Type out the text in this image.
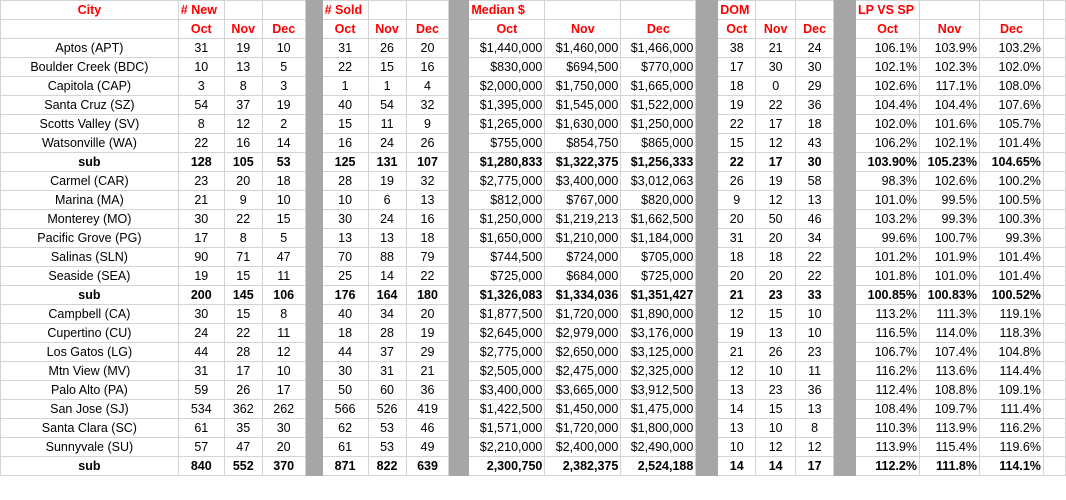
City	# New				# Sold				Median $				DOM				LP VS SP			
	Oct	Nov	Dec		Oct	Nov	Dec		Oct	Nov	Dec		Oct	Nov	Dec		Oct	Nov	Dec	
Aptos (APT)	31	19	10		31	26	20		$1,440,000	$1,460,000	$1,466,000		38	21	24		106.1%	103.9%	103.2%	
Boulder Creek (BDC)	10	13	5		22	15	16		$830,000	$694,500	$770,000		17	30	30		102.1%	102.3%	102.0%	
Capitola (CAP)	3	8	3		1	1	4		$2,000,000	$1,750,000	$1,665,000		18	0	29		102.6%	117.1%	108.0%	
Santa Cruz (SZ)	54	37	19		40	54	32		$1,395,000	$1,545,000	$1,522,000		19	22	36		104.4%	104.4%	107.6%	
Scotts Valley (SV)	8	12	2		15	11	9		$1,265,000	$1,630,000	$1,250,000		22	17	18		102.0%	101.6%	105.7%	
Watsonville (WA)	22	16	14		16	24	26		$755,000	$854,750	$865,000		15	12	43		106.2%	102.1%	101.4%	
sub	128	105	53		125	131	107		$1,280,833	$1,322,375	$1,256,333		22	17	30		103.90%	105.23%	104.65%	
Carmel (CAR)	23	20	18		28	19	32		$2,775,000	$3,400,000	$3,012,063		26	19	58		98.3%	102.6%	100.2%	
Marina (MA)	21	9	10		10	6	13		$812,000	$767,000	$820,000		9	12	13		101.0%	99.5%	100.5%	
Monterey (MO)	30	22	15		30	24	16		$1,250,000	$1,219,213	$1,662,500		20	50	46		103.2%	99.3%	100.3%	
Pacific Grove (PG)	17	8	5		13	13	18		$1,650,000	$1,210,000	$1,184,000		31	20	34		99.6%	100.7%	99.3%	
Salinas (SLN)	90	71	47		70	88	79		$744,500	$724,000	$705,000		18	18	22		101.2%	101.9%	101.4%	
Seaside (SEA)	19	15	11		25	14	22		$725,000	$684,000	$725,000		20	20	22		101.8%	101.0%	101.4%	
sub	200	145	106		176	164	180		$1,326,083	$1,334,036	$1,351,427		21	23	33		100.85%	100.83%	100.52%	
Campbell (CA)	30	15	8		40	34	20		$1,877,500	$1,720,000	$1,890,000		12	15	10		113.2%	111.3%	119.1%	
Cupertino (CU)	24	22	11		18	28	19		$2,645,000	$2,979,000	$3,176,000		19	13	10		116.5%	114.0%	118.3%	
Los Gatos (LG)	44	28	12		44	37	29		$2,775,000	$2,650,000	$3,125,000		21	26	23		106.7%	107.4%	104.8%	
Mtn View (MV)	31	17	10		30	31	21		$2,505,000	$2,475,000	$2,325,000		12	10	11		116.2%	113.6%	114.4%	
Palo Alto (PA)	59	26	17		50	60	36		$3,400,000	$3,665,000	$3,912,500		13	23	36		112.4%	108.8%	109.1%	
San Jose (SJ)	534	362	262		566	526	419		$1,422,500	$1,450,000	$1,475,000		14	15	13		108.4%	109.7%	111.4%	
Santa Clara (SC)	61	35	30		62	53	46		$1,571,000	$1,720,000	$1,800,000		13	10	8		110.3%	113.9%	116.2%	
Sunnyvale (SU)	57	47	20		61	53	49		$2,210,000	$2,400,000	$2,490,000		10	12	12		113.9%	115.4%	119.6%	
sub	840	552	370		871	822	639		2,300,750	2,382,375	2,524,188		14	14	17		112.2%	111.8%	114.1%	
